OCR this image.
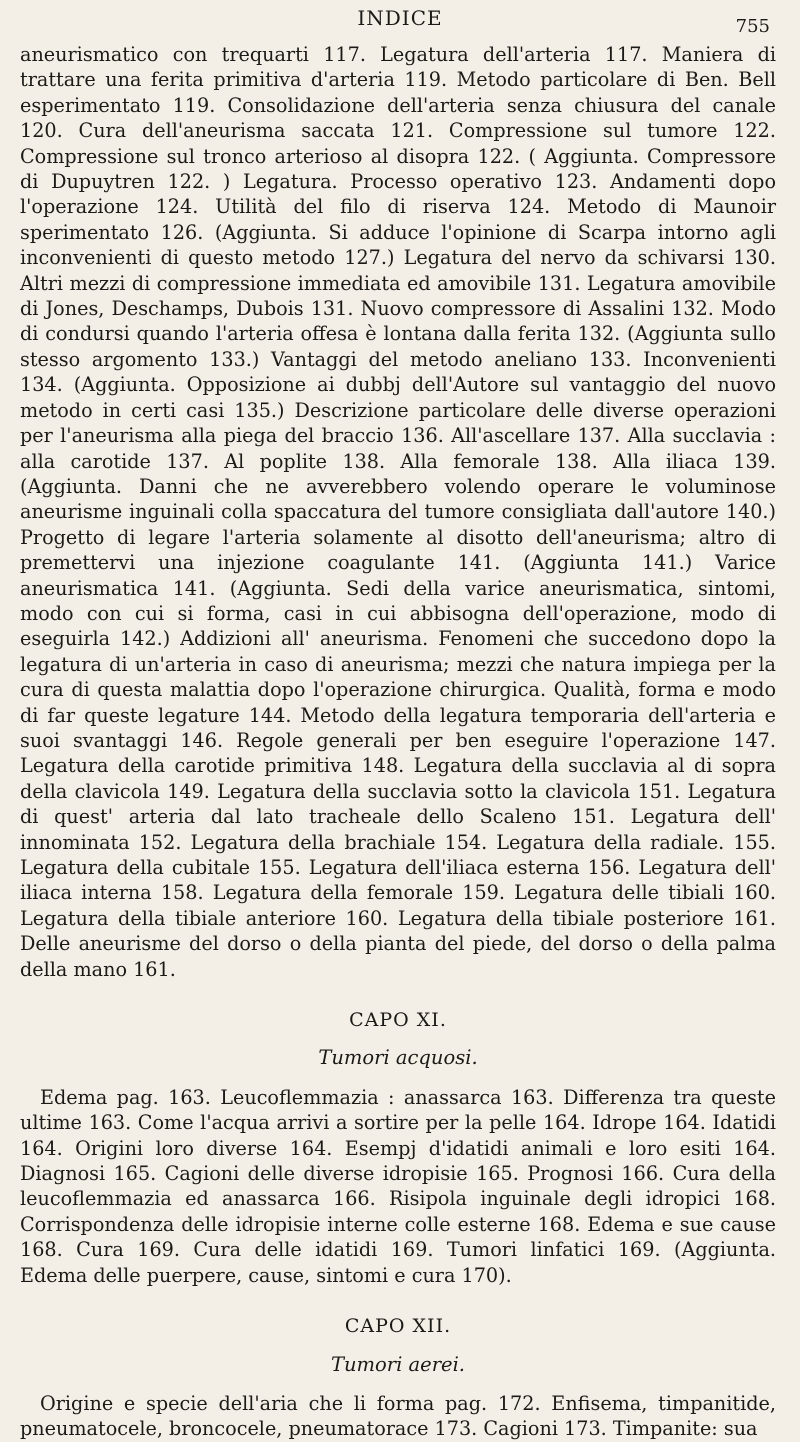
INDICE	755

aneurismatico con trequarti 117. Legatura dell'arteria 117. Maniera di trattare una ferita primitiva d'arteria 119. Metodo particolare di Ben. Bell esperimentato 119. Consolidazione dell'arteria senza chiusura del canale 120. Cura dell'aneurisma saccata 121. Compressione sul tumore 122. Compressione sul tronco arterioso al disopra 122. ( Aggiunta. Compressore di Dupuytren 122. ) Legatura. Processo operativo 123. Andamenti dopo l'operazione 124. Utilità del filo di riserva 124. Metodo di Maunoir sperimentato 126. (Aggiunta. Si adduce l'opinione di Scarpa intorno agli inconvenienti di questo metodo 127.) Legatura del nervo da schivarsi 130. Altri mezzi di compressione immediata ed amovibile 131. Legatura amovibile di Jones, Deschamps, Dubois 131. Nuovo compressore di Assalini 132. Modo di condursi quando l'arteria offesa è lontana dalla ferita 132. (Aggiunta sullo stesso argomento 133.) Vantaggi del metodo aneliano 133. Inconvenienti 134. (Aggiunta. Opposizione ai dubbj dell'Autore sul vantaggio del nuovo metodo in certi casi 135.) Descrizione particolare delle diverse operazioni per l'aneurisma alla piega del braccio 136. All'ascellare 137. Alla succlavia : alla carotide 137. Al poplite 138. Alla femorale 138. Alla iliaca 139. (Aggiunta. Danni che ne avverebbero volendo operare le voluminose aneurisme inguinali colla spaccatura del tumore consigliata dall'autore 140.) Progetto di legare l'arteria solamente al disotto dell'aneurisma; altro di premettervi una injezione coagulante 141. (Aggiunta 141.) Varice aneurismatica 141. (Aggiunta. Sedi della varice aneurismatica, sintomi, modo con cui si forma, casi in cui abbisogna dell'operazione, modo di eseguirla 142.) Addizioni all' aneurisma. Fenomeni che succedono dopo la legatura di un'arteria in caso di aneurisma; mezzi che natura impiega per la cura di questa malattia dopo l'operazione chirurgica. Qualità, forma e modo di far queste legature 144. Metodo della legatura temporaria dell'arteria e suoi svantaggi 146. Regole generali per ben eseguire l'operazione 147. Legatura della carotide primitiva 148. Legatura della succlavia al di sopra della clavicola 149. Legatura della succlavia sotto la clavicola 151. Legatura di quest' arteria dal lato tracheale dello Scaleno 151. Legatura dell' innominata 152. Legatura della brachiale 154. Legatura della radiale. 155. Legatura della cubitale 155. Legatura dell'iliaca esterna 156. Legatura dell' iliaca interna 158. Legatura della femorale 159. Legatura delle tibiali 160. Legatura della tibiale anteriore 160. Legatura della tibiale posteriore 161. Delle aneurisme del dorso o della pianta del piede, del dorso o della palma della mano 161.

CAPO XI.
Tumori acquosi.

Edema pag. 163. Leucoflemmazia : anassarca 163. Differenza tra queste ultime 163. Come l'acqua arrivi a sortire per la pelle 164. Idrope 164. Idatidi 164. Origini loro diverse 164. Esempj d'idatidi animali e loro esiti 164. Diagnosi 165. Cagioni delle diverse idropisie 165. Prognosi 166. Cura della leucoflemmazia ed anassarca 166. Risipola inguinale degli idropici 168. Corrispondenza delle idropisie interne colle esterne 168. Edema e sue cause 168. Cura 169. Cura delle idatidi 169. Tumori linfatici 169. (Aggiunta. Edema delle puerpere, cause, sintomi e cura 170).

CAPO XII.
Tumori aerei.

Origine e specie dell'aria che li forma pag. 172. Enfisema, timpanitide, pneumatocele, broncocele, pneumatorace 173. Cagioni 173. Timpanite: sua
